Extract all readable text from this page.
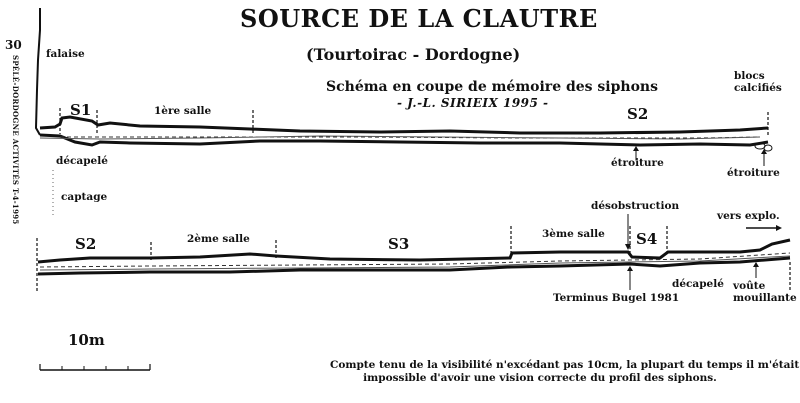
30
SPÉLÉ-DORDOGNE ACTIVITÉS T-4-1995
SOURCE DE LA CLAUTRE
(Tourtoirac - Dordogne)
Schéma en coupe de mémoire des siphons
- J.-L. SIRIEIX 1995 -
falaise
S1	1ère salle	S2
blocs
calcifiés
décapelé	étroiture
étroiture
captage
S2	2ème salle	S3
3ème salle
désobstruction
S4
vers explo.
Terminus Bugel 1981
décapelé voûte
mouillante
10m
Compte tenu de la visibilité n'excédant pas 10cm, la plupart du temps il m'était
impossible d'avoir une vision correcte du profil des siphons.
